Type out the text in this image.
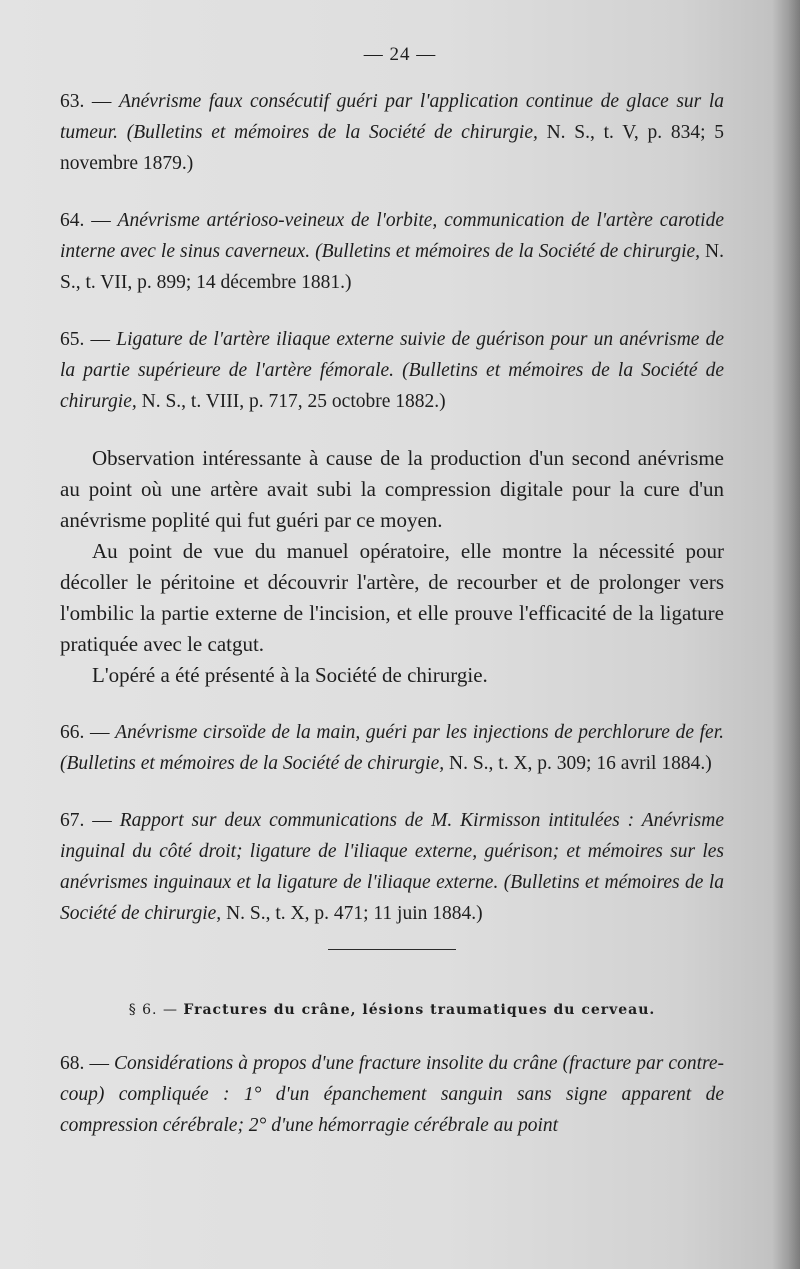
— 24 —

63. — Anévrisme faux consécutif guéri par l'application continue de glace sur la tumeur. (Bulletins et mémoires de la Société de chirurgie, N. S., t. V, p. 834; 5 novembre 1879.)

64. — Anévrisme artérioso-veineux de l'orbite, communication de l'artère carotide interne avec le sinus caverneux. (Bulletins et mémoires de la Société de chirurgie, N. S., t. VII, p. 899; 14 décembre 1881.)

65. — Ligature de l'artère iliaque externe suivie de guérison pour un anévrisme de la partie supérieure de l'artère fémorale. (Bulletins et mémoires de la Société de chirurgie, N. S., t. VIII, p. 717, 25 octobre 1882.)

Observation intéressante à cause de la production d'un second anévrisme au point où une artère avait subi la compression digitale pour la cure d'un anévrisme poplité qui fut guéri par ce moyen.

Au point de vue du manuel opératoire, elle montre la nécessité pour décoller le péritoine et découvrir l'artère, de recourber et de prolonger vers l'ombilic la partie externe de l'incision, et elle prouve l'efficacité de la ligature pratiquée avec le catgut.

L'opéré a été présenté à la Société de chirurgie.

66. — Anévrisme cirsoïde de la main, guéri par les injections de perchlorure de fer. (Bulletins et mémoires de la Société de chirurgie, N. S., t. X, p. 309; 16 avril 1884.)

67. — Rapport sur deux communications de M. Kirmisson intitulées : Anévrisme inguinal du côté droit; ligature de l'iliaque externe, guérison; et mémoires sur les anévrismes inguinaux et la ligature de l'iliaque externe. (Bulletins et mémoires de la Société de chirurgie, N. S., t. X, p. 471; 11 juin 1884.)

§ 6. — Fractures du crâne, lésions traumatiques du cerveau.

68. — Considérations à propos d'une fracture insolite du crâne (fracture par contre-coup) compliquée : 1° d'un épanchement sanguin sans signe apparent de compression cérébrale; 2° d'une hémorragie cérébrale au point
